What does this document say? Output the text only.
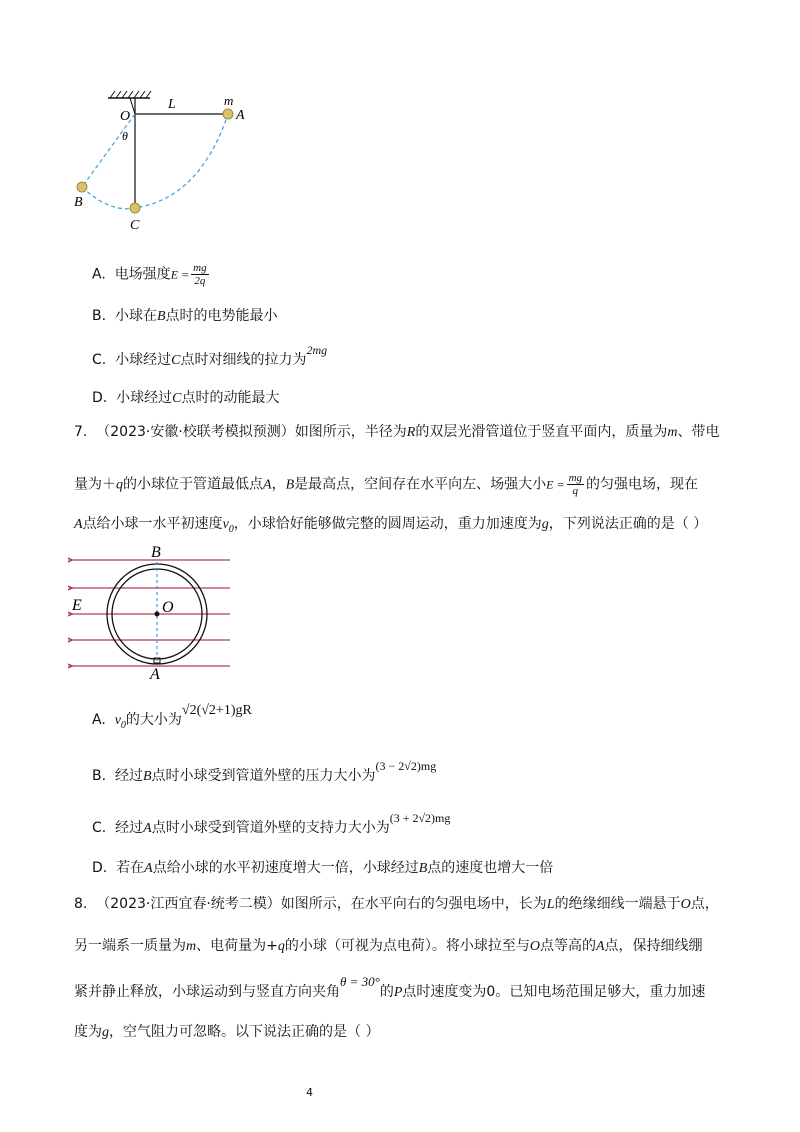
L	m
A
O
θ
B
C
A. 电场强度$E = \frac{mg}{2q}$
B. 小球在B点时的电势能最小
C. 小球经过C点时对细线的拉力为2mg
D. 小球经过C点时的动能最大
7. （2023·安徽·校联考模拟预测）如图所示，半径为R的双层光滑管道位于竖直平面内，质量为m、带电
量为＋q的小球位于管道最低点A，B是最高点，空间存在水平向左、场强大小$E = \frac{mg}{q}$ 的匀强电场，现在
A点给小球一水平初速度$v_0$，小球恰好能够做完整的圆周运动，重力加速度为g，下列说法正确的是（ ）
B
O
E
A
A. $v_0$的大小为√2(√2+1)gR
B. 经过B点时小球受到管道外壁的压力大小为(3 − 2√2)mg
C. 经过A点时小球受到管道外壁的支持力大小为(3 + 2√2)mg
D. 若在A点给小球的水平初速度增大一倍，小球经过B点的速度也增大一倍
8. （2023·江西宜春·统考二模）如图所示，在水平向右的匀强电场中，长为L的绝缘细线一端悬于O点，
另一端系一质量为m、电荷量为+q的小球（可视为点电荷）。将小球拉至与O点等高的A点，保持细线绷
紧并静止释放，小球运动到与竖直方向夹角θ = 30°的P点时速度变为0。已知电场范围足够大，重力加速
度为g，空气阻力可忽略。以下说法正确的是（ ）
4
